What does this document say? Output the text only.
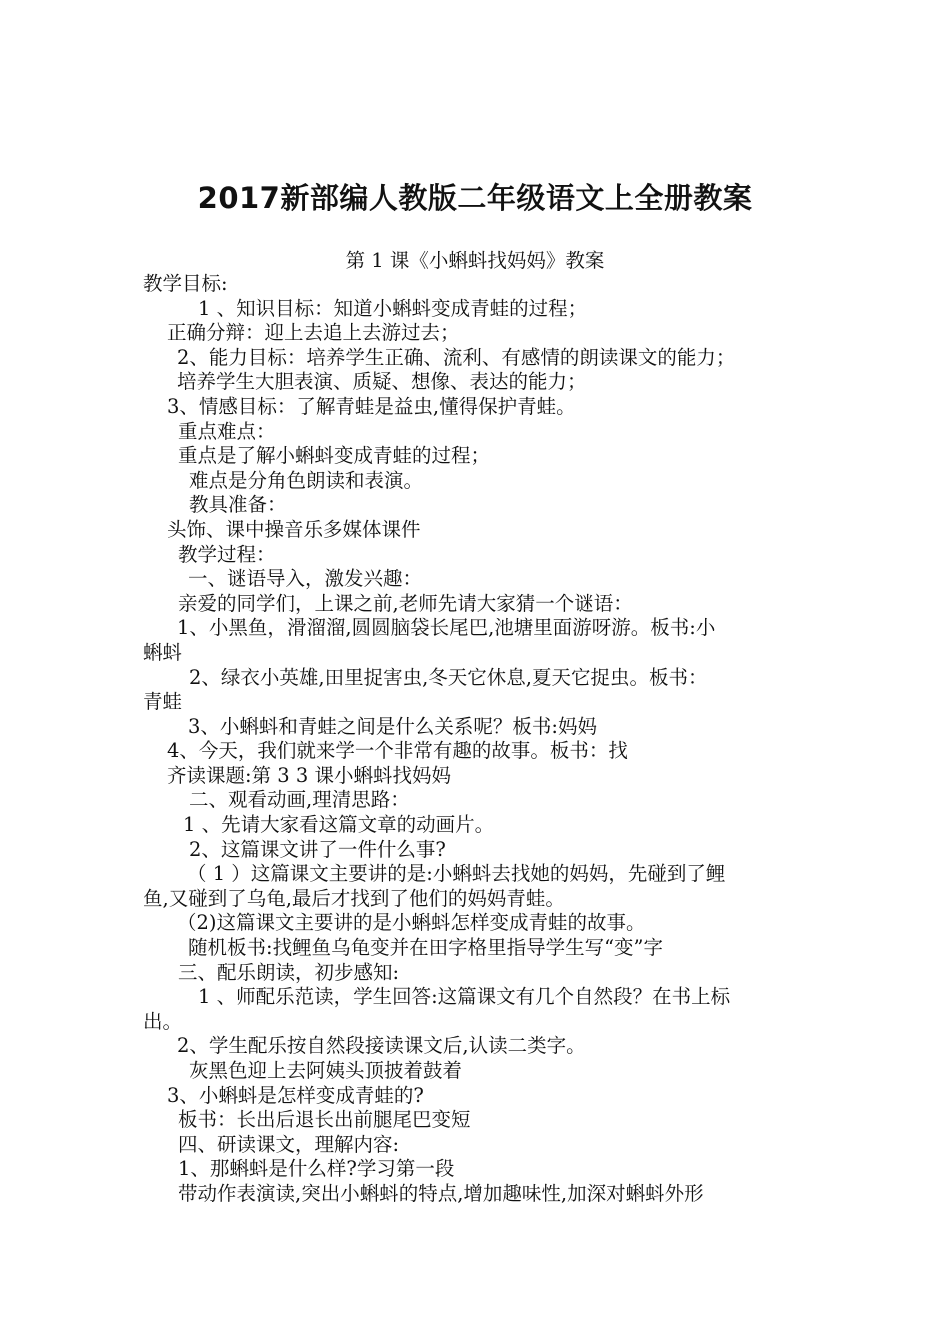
2017新部编人教版二年级语文上全册教案
第 1 课《小蝌蚪找妈妈》教案
教学目标:
1 、知识目标：知道小蝌蚪变成青蛙的过程；
正确分辩：迎上去追上去游过去；
2、能力目标：培养学生正确、流利、有感情的朗读课文的能力；
培养学生大胆表演、质疑、想像、表达的能力；
3、情感目标：了解青蛙是益虫,懂得保护青蛙。
重点难点：
重点是了解小蝌蚪变成青蛙的过程；
难点是分角色朗读和表演。
教具准备：
头饰、课中操音乐多媒体课件
教学过程：
一、谜语导入，激发兴趣：
亲爱的同学们，上课之前,老师先请大家猜一个谜语：
1、小黑鱼，滑溜溜,圆圆脑袋长尾巴,池塘里面游呀游。板书:小
蝌蚪
2、绿衣小英雄,田里捉害虫,冬天它休息,夏天它捉虫。板书：
青蛙
3、小蝌蚪和青蛙之间是什么关系呢？板书:妈妈
4、今天，我们就来学一个非常有趣的故事。板书：找
齐读课题:第 3 3 课小蝌蚪找妈妈
二、观看动画,理清思路：
1 、先请大家看这篇文章的动画片。
2、这篇课文讲了一件什么事?
（ 1 ）这篇课文主要讲的是:小蝌蚪去找她的妈妈，先碰到了鲤
鱼,又碰到了乌龟,最后才找到了他们的妈妈青蛙。
（2)这篇课文主要讲的是小蝌蚪怎样变成青蛙的故事。
随机板书:找鲤鱼乌龟变并在田字格里指导学生写“变”字
三、配乐朗读，初步感知:
1 、师配乐范读，学生回答:这篇课文有几个自然段？在书上标
出。
2、学生配乐按自然段接读课文后,认读二类字。
灰黑色迎上去阿姨头顶披着鼓着
3、小蝌蚪是怎样变成青蛙的?
板书：长出后退长出前腿尾巴变短
四、研读课文，理解内容:
1、那蝌蚪是什么样?学习第一段
带动作表演读,突出小蝌蚪的特点,增加趣味性,加深对蝌蚪外形
